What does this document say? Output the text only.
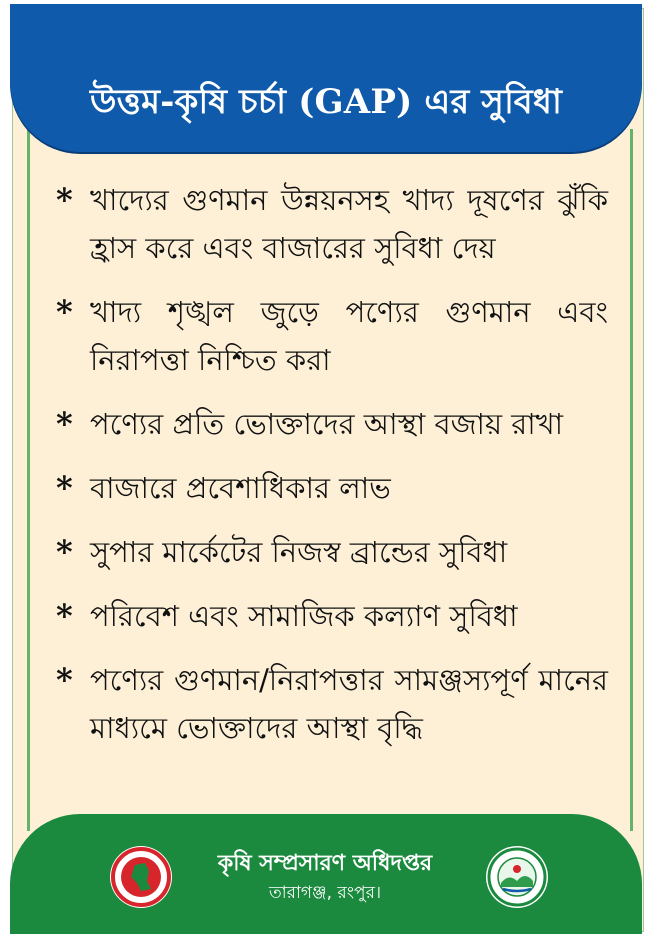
উত্তম-কৃষি চর্চা (GAP) এর সুবিধা
* খাদ্যের গুণমান উন্নয়নসহ খাদ্য দূষণের ঝুঁকি হ্রাস করে এবং বাজারের সুবিধা দেয়
* খাদ্য শৃঙ্খল জুড়ে পণ্যের গুণমান এবং নিরাপত্তা নিশ্চিত করা
* পণ্যের প্রতি ভোক্তাদের আস্থা বজায় রাখা
* বাজারে প্রবেশাধিকার লাভ
* সুপার মার্কেটের নিজস্ব ব্রান্ডের সুবিধা
* পরিবেশ এবং সামাজিক কল্যাণ সুবিধা
* পণ্যের গুণমান/নিরাপত্তার সামঞ্জস্যপূর্ণ মানের মাধ্যমে ভোক্তাদের আস্থা বৃদ্ধি
কৃষি সম্প্রসারণ অধিদপ্তর
তারাগঞ্জ, রংপুর।
